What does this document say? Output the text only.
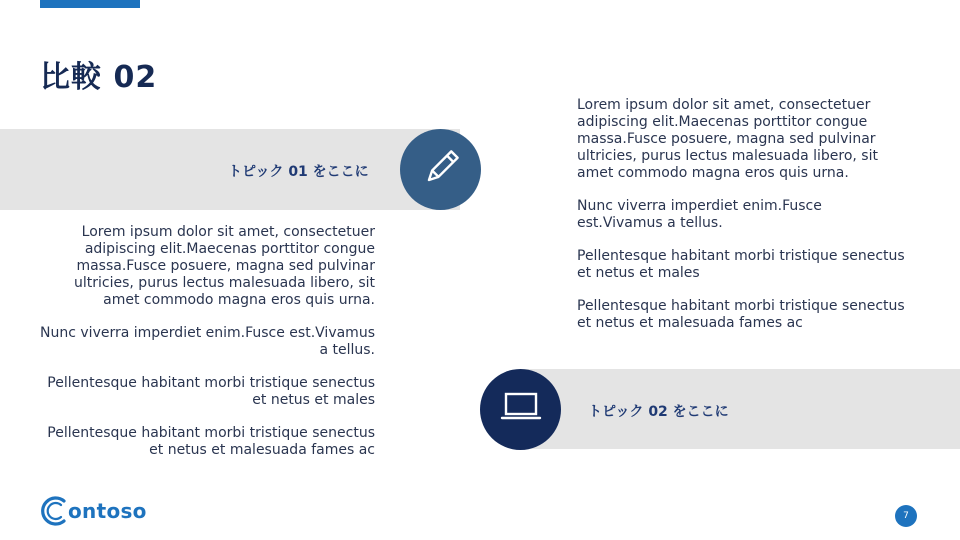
比較 02
トピック 01 をここに
トピック 02 をここに

Lorem ipsum dolor sit amet, consectetuer adipiscing elit.Maecenas porttitor congue massa.Fusce posuere, magna sed pulvinar ultricies, purus lectus malesuada libero, sit amet commodo magna eros quis urna.

Nunc viverra imperdiet enim.Fusce est.Vivamus a tellus.

Pellentesque habitant morbi tristique senectus et netus et males

Pellentesque habitant morbi tristique senectus et netus et malesuada fames ac

Lorem ipsum dolor sit amet, consectetuer adipiscing elit.Maecenas porttitor congue massa.Fusce posuere, magna sed pulvinar ultricies, purus lectus malesuada libero, sit amet commodo magna eros quis urna.

Nunc viverra imperdiet enim.Fusce est.Vivamus a tellus.

Pellentesque habitant morbi tristique senectus et netus et males

Pellentesque habitant morbi tristique senectus et netus et malesuada fames ac

ontoso	7
